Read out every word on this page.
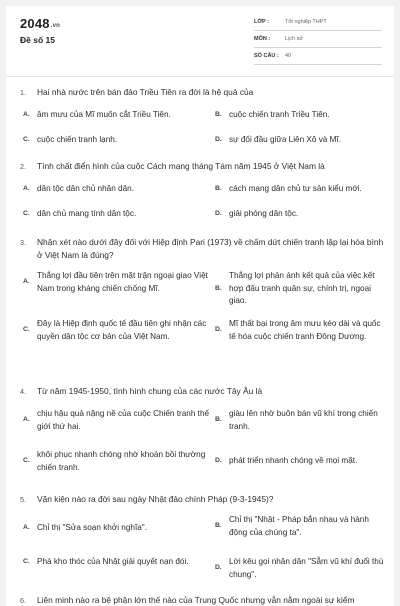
2048.vn
Đề số 15
LỚP :	Tốt nghiệp THPT
MÔN :	Lịch sử
SỐ CÂU :	40
1.	Hai nhà nước trên bán đảo Triều Tiên ra đời là hệ quả của
A. âm mưu của Mĩ muốn cắt Triều Tiên.	B. cuộc chiến tranh Triều Tiên.
C. cuộc chiến tranh lạnh.	D. sự đối đầu giữa Liên Xô và Mĩ.
2.	Tính chất điển hình của cuộc Cách mạng tháng Tám năm 1945 ở Việt Nam là
A. dân tộc dân chủ nhân dân.	B. cách mạng dân chủ tư sản kiểu mới.
C. dân chủ mang tính dân tộc.	D. giải phóng dân tộc.
3.	Nhận xét nào dưới đây đối với Hiệp định Pari (1973) về chấm dứt chiến tranh lập lại hòa bình ở Việt Nam là đúng?
A.
Thắng lợi đầu tiên trên mặt trận ngoại giao Việt Nam trong kháng chiến chống Mĩ.	B.
Thắng lợi phản ánh kết quả của việc kết hợp đấu tranh quân sự, chính trị, ngoại giao.
C.
Đây là Hiệp định quốc tế đầu tiên ghi nhận các quyền dân tộc cơ bản của Việt Nam.
D.
Mĩ thất bại trong âm mưu kéo dài và quốc tế hóa cuộc chiến tranh Đông Dương.
4.	Từ năm 1945-1950, tình hình chung của các nước Tây Âu là
A.
chịu hậu quả nặng nề của cuộc Chiến tranh thế giới thứ hai.
B.
giàu lên nhờ buôn bán vũ khí trong chiến tranh.
C.
khôi phục nhanh chóng nhờ khoản bồi thường chiến tranh.
D. phát triển nhanh chóng về mọi mặt.
5.	Văn kiện nào ra đời sau ngày Nhật đảo chính Pháp (9-3-1945)?
A. Chỉ thị "Sửa soạn khởi nghĩa".	B.
Chỉ thị "Nhật - Pháp bắn nhau và hành động của chúng ta".
C. Phá kho thóc của Nhật giải quyết nạn đói.
D.
Lời kêu gọi nhân dân "Sẵm vũ khí đuổi thù chung".
6.	Liên minh nào ra bệ phận lớn thế nào của Trung Quốc nhưng vẫn nằm ngoài sự kiểm
